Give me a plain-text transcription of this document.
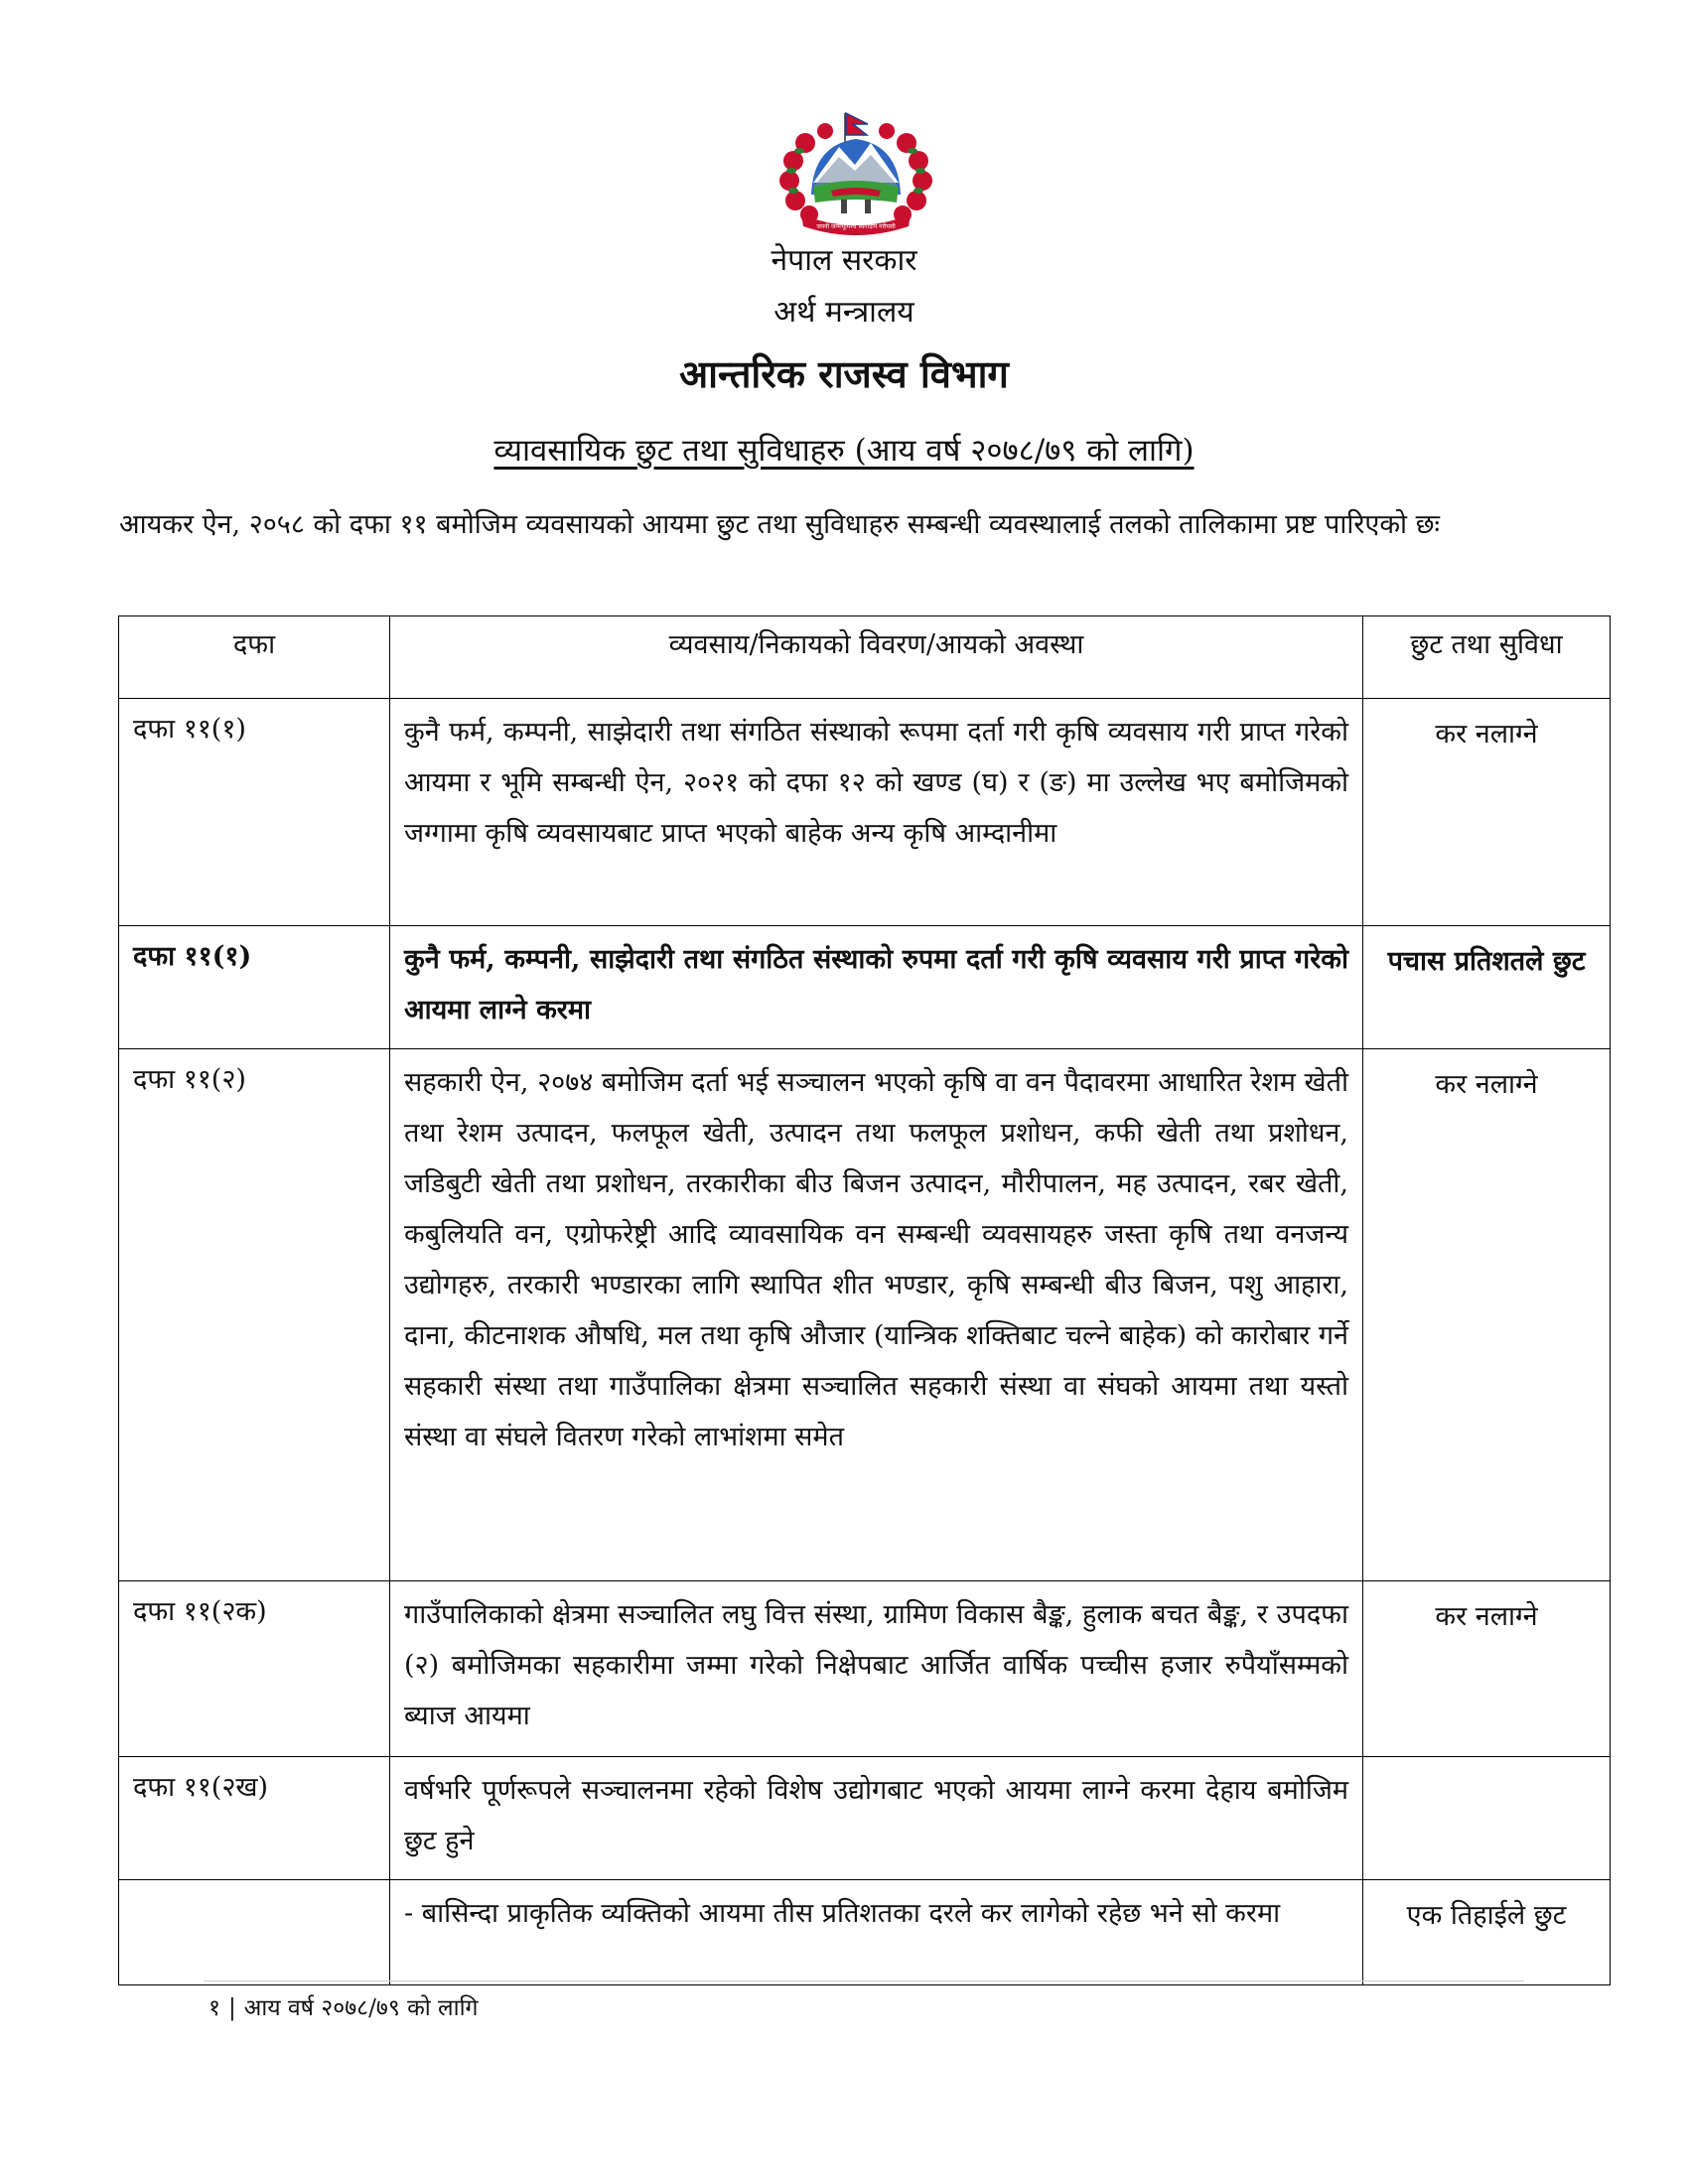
जननी जन्मभूमिश्च स्वर्गादपि गरीयसी
नेपाल सरकार
अर्थ मन्त्रालय
आन्तरिक राजस्व विभाग
व्यावसायिक छुट तथा सुविधाहरु (आय वर्ष २०७८/७९ को लागि)

आयकर ऐन, २०५८ को दफा ११ बमोजिम व्यवसायको आयमा छुट तथा सुविधाहरु सम्बन्धी व्यवस्थालाई तलको तालिकामा प्रष्ट पारिएको छः

दफा	व्यवसाय/निकायको विवरण/आयको अवस्था	छुट तथा सुविधा
दफा ११(१)	कुनै फर्म, कम्पनी, साझेदारी तथा संगठित संस्थाको रूपमा दर्ता गरी कृषि व्यवसाय गरी प्राप्त गरेको आयमा र भूमि सम्बन्धी ऐन, २०२१ को दफा १२ को खण्ड (घ) र (ङ) मा उल्लेख भए बमोजिमको जग्गामा कृषि व्यवसायबाट प्राप्त भएको बाहेक अन्य कृषि आम्दानीमा	कर नलाग्ने
दफा ११(१)	कुनै फर्म, कम्पनी, साझेदारी तथा संगठित संस्थाको रुपमा दर्ता गरी कृषि व्यवसाय गरी प्राप्त गरेको आयमा लाग्ने करमा	पचास प्रतिशतले छुट
दफा ११(२)	सहकारी ऐन, २०७४ बमोजिम दर्ता भई सञ्चालन भएको कृषि वा वन पैदावरमा आधारित रेशम खेती तथा रेशम उत्पादन, फलफूल खेती, उत्पादन तथा फलफूल प्रशोधन, कफी खेती तथा प्रशोधन, जडिबुटी खेती तथा प्रशोधन, तरकारीका बीउ बिजन उत्पादन, मौरीपालन, मह उत्पादन, रबर खेती, कबुलियति वन, एग्रोफरेष्ट्री आदि व्यावसायिक वन सम्बन्धी व्यवसायहरु जस्ता कृषि तथा वनजन्य उद्योगहरु, तरकारी भण्डारका लागि स्थापित शीत भण्डार, कृषि सम्बन्धी बीउ बिजन, पशु आहारा, दाना, कीटनाशक औषधि, मल तथा कृषि औजार (यान्त्रिक शक्तिबाट चल्ने बाहेक) को कारोबार गर्ने सहकारी संस्था तथा गाउँपालिका क्षेत्रमा सञ्चालित सहकारी संस्था वा संघको आयमा तथा यस्तो संस्था वा संघले वितरण गरेको लाभांशमा समेत	कर नलाग्ने
दफा ११(२क)	गाउँपालिकाको क्षेत्रमा सञ्चालित लघु वित्त संस्था, ग्रामिण विकास बैङ्क, हुलाक बचत बैङ्क, र उपदफा (२) बमोजिमका सहकारीमा जम्मा गरेको निक्षेपबाट आर्जित वार्षिक पच्चीस हजार रुपैयाँसम्मको ब्याज आयमा	कर नलाग्ने
दफा ११(२ख)	वर्षभरि पूर्णरूपले सञ्चालनमा रहेको विशेष उद्योगबाट भएको आयमा लाग्ने करमा देहाय बमोजिम छुट हुने	
	- बासिन्दा प्राकृतिक व्यक्तिको आयमा तीस प्रतिशतका दरले कर लागेको रहेछ भने सो करमा	एक तिहाईले छुट
१ | आय वर्ष २०७८/७९ को लागि
